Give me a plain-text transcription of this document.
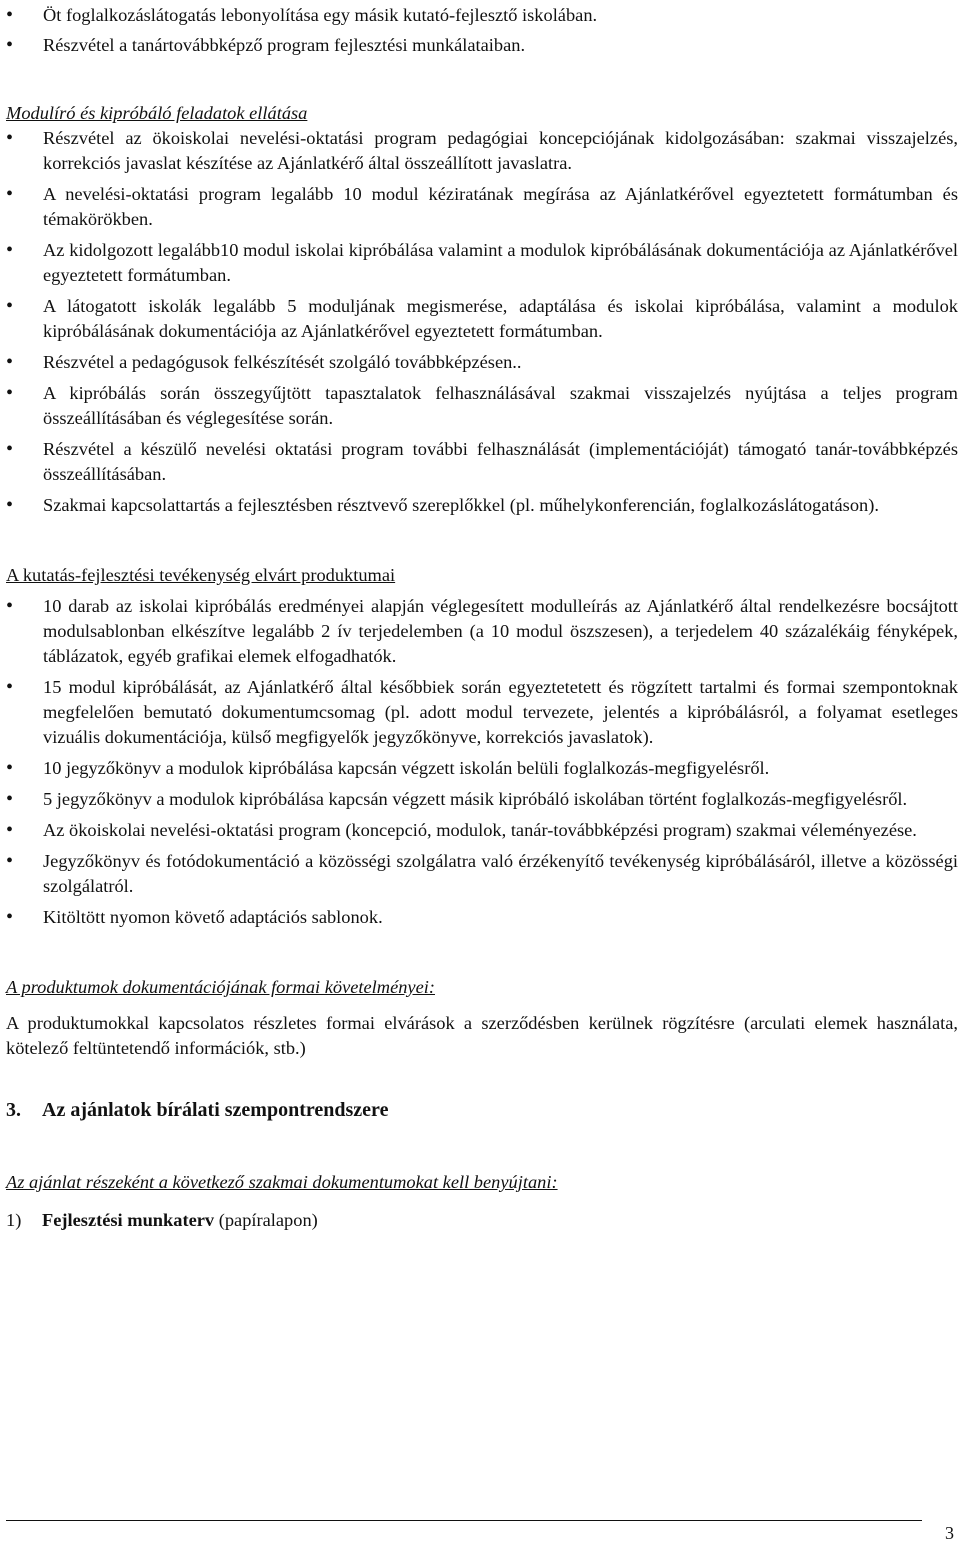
• Öt foglalkozáslátogatás lebonyolítása egy másik kutató-fejlesztő iskolában.
• Részvétel a tanártovábbképző program fejlesztési munkálataiban.
Modulíró és kipróbáló feladatok ellátása
• Részvétel az ökoiskolai nevelési-oktatási program pedagógiai koncepciójának kidolgozásában: szakmai visszajelzés, korrekciós javaslat készítése az Ajánlatkérő által összeállított javaslatra.
• A nevelési-oktatási program legalább 10 modul kéziratának megírása az Ajánlatkérővel egyeztetett formátumban és témakörökben.
• Az kidolgozott legalább10 modul iskolai kipróbálása valamint a modulok kipróbálásának dokumentációja az Ajánlatkérővel egyeztetett formátumban.
• A látogatott iskolák legalább 5 moduljának megismerése, adaptálása és iskolai kipróbálása, valamint a modulok kipróbálásának dokumentációja az Ajánlatkérővel egyeztetett formátumban.
• Részvétel a pedagógusok felkészítését szolgáló továbbképzésen..
• A kipróbálás során összegyűjtött tapasztalatok felhasználásával szakmai visszajelzés nyújtása a teljes program összeállításában és véglegesítése során.
• Részvétel a készülő nevelési oktatási program további felhasználását (implementációját) támogató tanár-továbbképzés összeállításában.
• Szakmai kapcsolattartás a fejlesztésben résztvevő szereplőkkel (pl. műhelykonferencián, foglalkozáslátogatáson).
A kutatás-fejlesztési tevékenység elvárt produktumai
• 10 darab az iskolai kipróbálás eredményei alapján véglegesített modulleírás az Ajánlatkérő által rendelkezésre bocsájtott modulsablonban elkészítve legalább 2 ív terjedelemben (a 10 modul öszszesen), a terjedelem 40 százalékáig fényképek, táblázatok, egyéb grafikai elemek elfogadhatók.
• 15 modul kipróbálását, az Ajánlatkérő által későbbiek során egyeztetetett és rögzített tartalmi és formai szempontoknak megfelelően bemutató dokumentumcsomag (pl. adott modul tervezete, jelentés a kipróbálásról, a folyamat esetleges vizuális dokumentációja, külső megfigyelők jegyzőkönyve, korrekciós javaslatok).
• 10 jegyzőkönyv a modulok kipróbálása kapcsán végzett iskolán belüli foglalkozás-megfigyelésről.
• 5 jegyzőkönyv a modulok kipróbálása kapcsán végzett másik kipróbáló iskolában történt foglalkozás-megfigyelésről.
• Az ökoiskolai nevelési-oktatási program (koncepció, modulok, tanár-továbbképzési program) szakmai véleményezése.
• Jegyzőkönyv és fotódokumentáció a közösségi szolgálatra való érzékenyítő tevékenység kipróbálásáról, illetve a közösségi szolgálatról.
• Kitöltött nyomon követő adaptációs sablonok.
A produktumok dokumentációjának formai követelményei:
A produktumokkal kapcsolatos részletes formai elvárások a szerződésben kerülnek rögzítésre (arculati elemek használata, kötelező feltüntetendő információk, stb.)
3. Az ajánlatok bírálati szempontrendszere
Az ajánlat részeként a következő szakmai dokumentumokat kell benyújtani:
1) Fejlesztési munkaterv (papíralapon)
3
